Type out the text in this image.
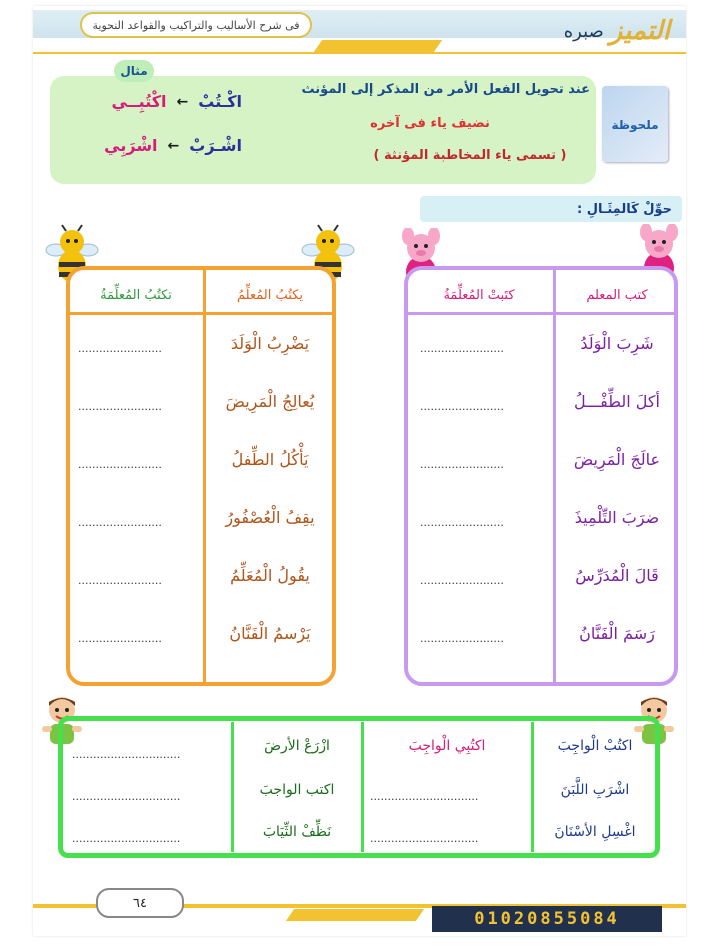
فى شرح الأساليب والتراكيب والقواعد النحوية	التميز
صبره
ملحوظة
مثال
عند تحويل الفعل الأمر من المذكر إلى المؤنث
نضيف ياء فى آخره
( تسمى ياء المخاطبة المؤنثة )
اكْـتُبْ
←
اكْتُبِــي
اشْـرَبْ
←
اشْرَبِي
حوِّلْ كَالمِثَـالِ :
كتب المعلم
كتَبتْ المُعلِّمَةُ
شَرِبَ الْوَلَدُ
أكلَ الطِّفْـــلُ
عالَجَ الْمَرِيضَ
ضرَبَ التِّلْمِيذَ
قَالَ الْمُدَرِّسُ
رَسَمَ الْفَنَّانُ
........................
........................
........................
........................
........................
........................
يكتُبُ المُعلِّمُ
تكتُبُ المُعلِّمَةُ
يَضْرِبُ الْوَلَدَ
يُعالِجُ الْمَرِيضَ
يَأْكُلُ الطِّفلُ
يقِفُ الْعُصْفُورُ
يقُولُ الْمُعَلِّمُ
يَرْسمُ الْفَنَّانُ
........................
........................
........................
........................
........................
........................
اكتُبْ الْواجِبَ
اشْرَبِ اللَّبَنَ
اغْسِلِ الأسْنَانَ
اكتُبِي الْواجِبَ
...............................
...............................
ازْرَعْ الأرضَ
اكتب الواجبَ
نَظِّفْ الثِّيَابَ
...............................
...............................
...............................
٦٤
01020855084
